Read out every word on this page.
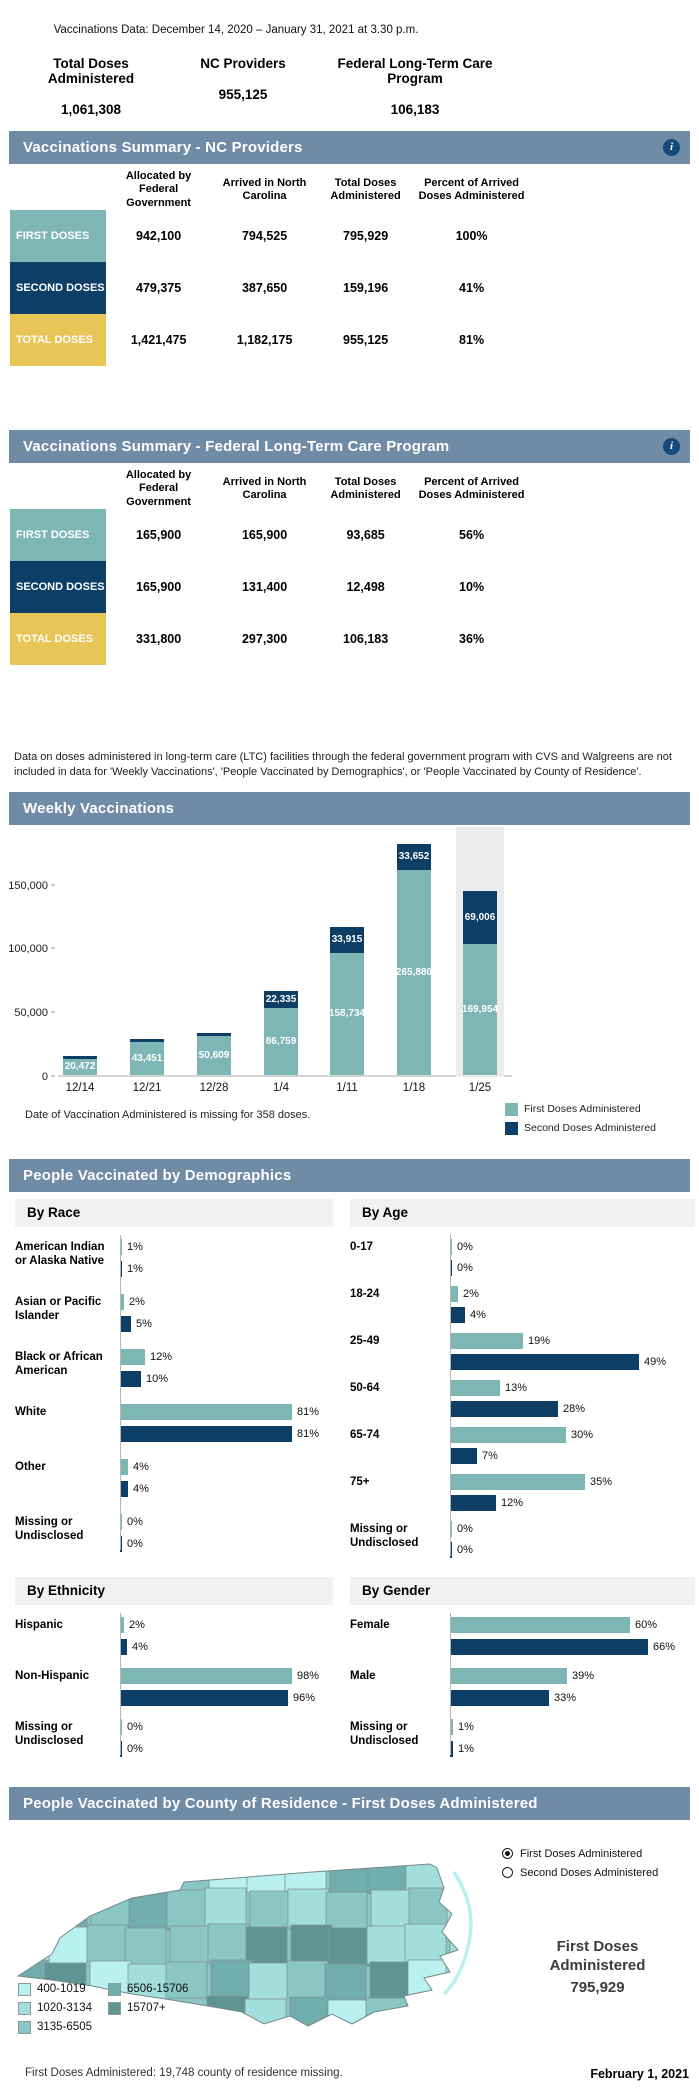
Vaccinations Data: December 14, 2020 – January 31, 2021 at 3.30 p.m.
Total Doses Administered
1,061,308
NC Providers
955,125
Federal Long-Term Care Program
106,183
Vaccinations Summary - NC Providers	i
Allocated by Federal Government
Arrived in North Carolina
Total Doses Administered
Percent of Arrived Doses Administered
FIRST DOSES	942,100	794,525	795,929	100%
SECOND DOSES	479,375	387,650	159,196	41%
TOTAL DOSES	1,421,475	1,182,175	955,125	81%
Vaccinations Summary - Federal Long-Term Care Program	i
Allocated by Federal Government
Arrived in North Carolina
Total Doses Administered
Percent of Arrived Doses Administered
FIRST DOSES	165,900	165,900	93,685	56%
SECOND DOSES	165,900	131,400	12,498	10%
TOTAL DOSES	331,800	297,300	106,183	36%
Data on doses administered in long-term care (LTC) facilities through the federal government program with CVS and Walgreens are not included in data for 'Weekly Vaccinations', 'People Vaccinated by Demographics', or 'People Vaccinated by County of Residence'.
Weekly Vaccinations
0
50,000
100,000
150,000
20,472
43,451	50,609
22,335
86,759
33,915
158,734
33,652
265,880
69,006
169,954
12/14	12/21	12/28	1/4	1/11	1/18	1/25
Date of Vaccination Administered is missing for 358 doses.	First Doses Administered
Second Doses Administered
People Vaccinated by Demographics
By Race
American Indian or Alaska Native
1%
1%
Asian or Pacific Islander
2%
5%
Black or African American
12%
10%
White	81%
81%
Other	4%
4%
Missing or Undisclosed
0%
0%
By Age
0-17	0%
0%
18-24	2%
4%
25-49	19%
49%
50-64	13%
28%
65-74	30%
7%
75+	35%
12%
Missing or Undisclosed
0%
0%
By Ethnicity
Hispanic	2%
4%
Non-Hispanic	98%
96%
Missing or Undisclosed
0%
0%
By Gender
Female	60%
66%
Male	39%
33%
Missing or Undisclosed
1%
1%
People Vaccinated by County of Residence - First Doses Administered
First Doses Administered
Second Doses Administered
First Doses
Administered
795,929
400-1019
1020-3134
3135-6505
6506-15706
15707+
First Doses Administered: 19,748 county of residence missing.	February 1, 2021
